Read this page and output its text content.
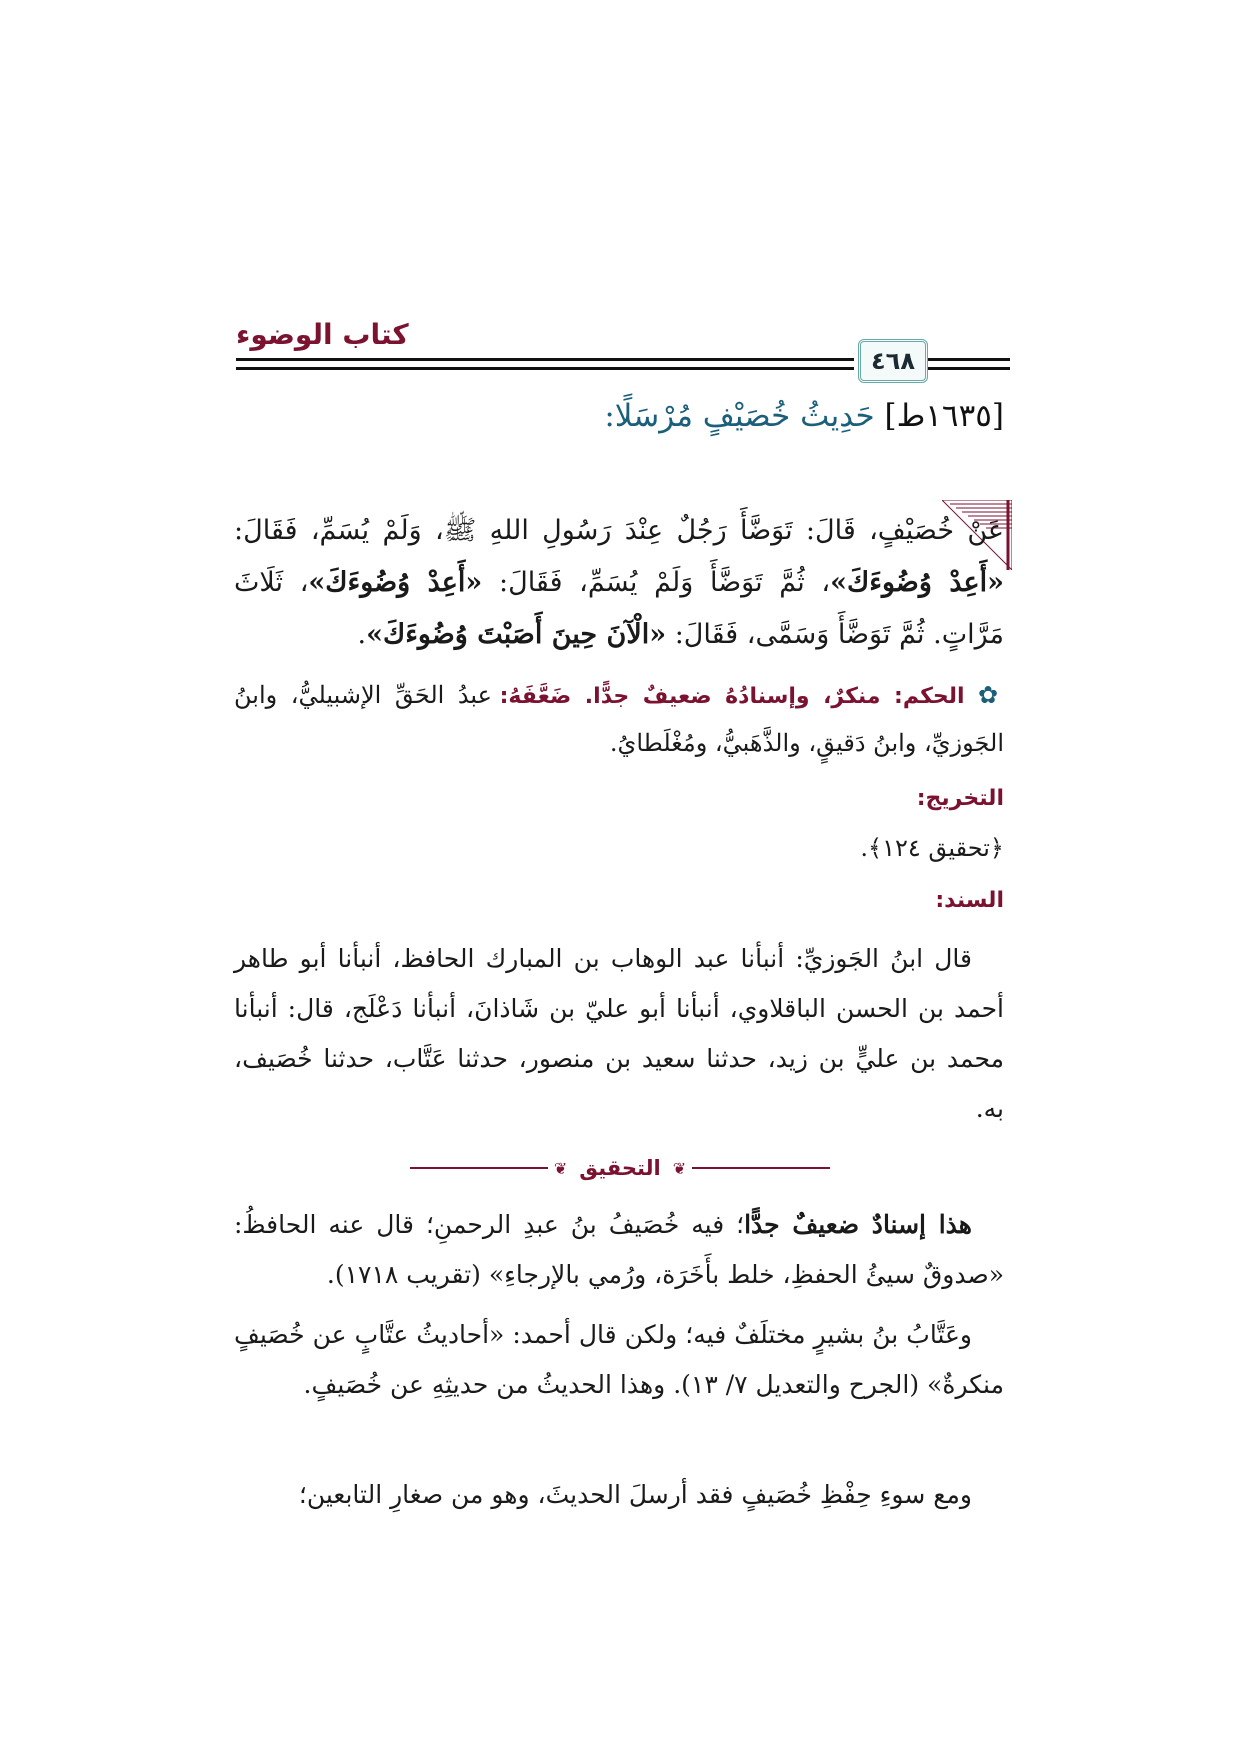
كتاب الوضوء
٤٦٨
[١٦٣٥ط] حَدِيثُ خُصَيْفٍ مُرْسَلًا:
عَنْ خُصَيْفٍ، قَالَ: تَوَضَّأَ رَجُلٌ عِنْدَ رَسُولِ اللهِ ﷺ، وَلَمْ يُسَمِّ، فَقَالَ: «أَعِدْ وُضُوءَكَ»، ثُمَّ تَوَضَّأَ وَلَمْ يُسَمِّ، فَقَالَ: «أَعِدْ وُضُوءَكَ»، ثَلَاثَ مَرَّاتٍ. ثُمَّ تَوَضَّأَ وَسَمَّى، فَقَالَ: «الْآنَ حِينَ أَصَبْتَ وُضُوءَكَ».
✿ الحكم: منكرٌ، وإسنادُهُ ضعيفٌ جدًّا. ضَعَّفَهُ: عبدُ الحَقِّ الإشبيليُّ، وابنُ الجَوزيِّ، وابنُ دَقيقٍ، والذَّهَبيُّ، ومُغْلَطايُ.
التخريج:
﴿تحقيق ١٢٤﴾.
السند:
قال ابنُ الجَوزيِّ: أنبأنا عبد الوهاب بن المبارك الحافظ، أنبأنا أبو طاهر أحمد بن الحسن الباقلاوي، أنبأنا أبو عليّ بن شَاذانَ، أنبأنا دَعْلَج، قال: أنبأنا محمد بن عليٍّ بن زيد، حدثنا سعيد بن منصور، حدثنا عَتَّاب، حدثنا خُصَيف، به.
❦
التحقيق
❦
هذا إسنادٌ ضعيفٌ جدًّا؛ فيه خُصَيفُ بنُ عبدِ الرحمنِ؛ قال عنه الحافظُ: «صدوقٌ سيئُ الحفظِ، خلط بأَخَرَة، ورُمي بالإرجاءِ» (تقريب ١٧١٨).
وعَتَّابُ بنُ بشيرٍ مختلَفٌ فيه؛ ولكن قال أحمد: «أحاديثُ عتَّابٍ عن خُصَيفٍ منكرةٌ» (الجرح والتعديل ٧/ ١٣). وهذا الحديثُ من حديثِهِ عن خُصَيفٍ.
ومع سوءِ حِفْظِ خُصَيفٍ فقد أرسلَ الحديثَ، وهو من صغارِ التابعين؛
